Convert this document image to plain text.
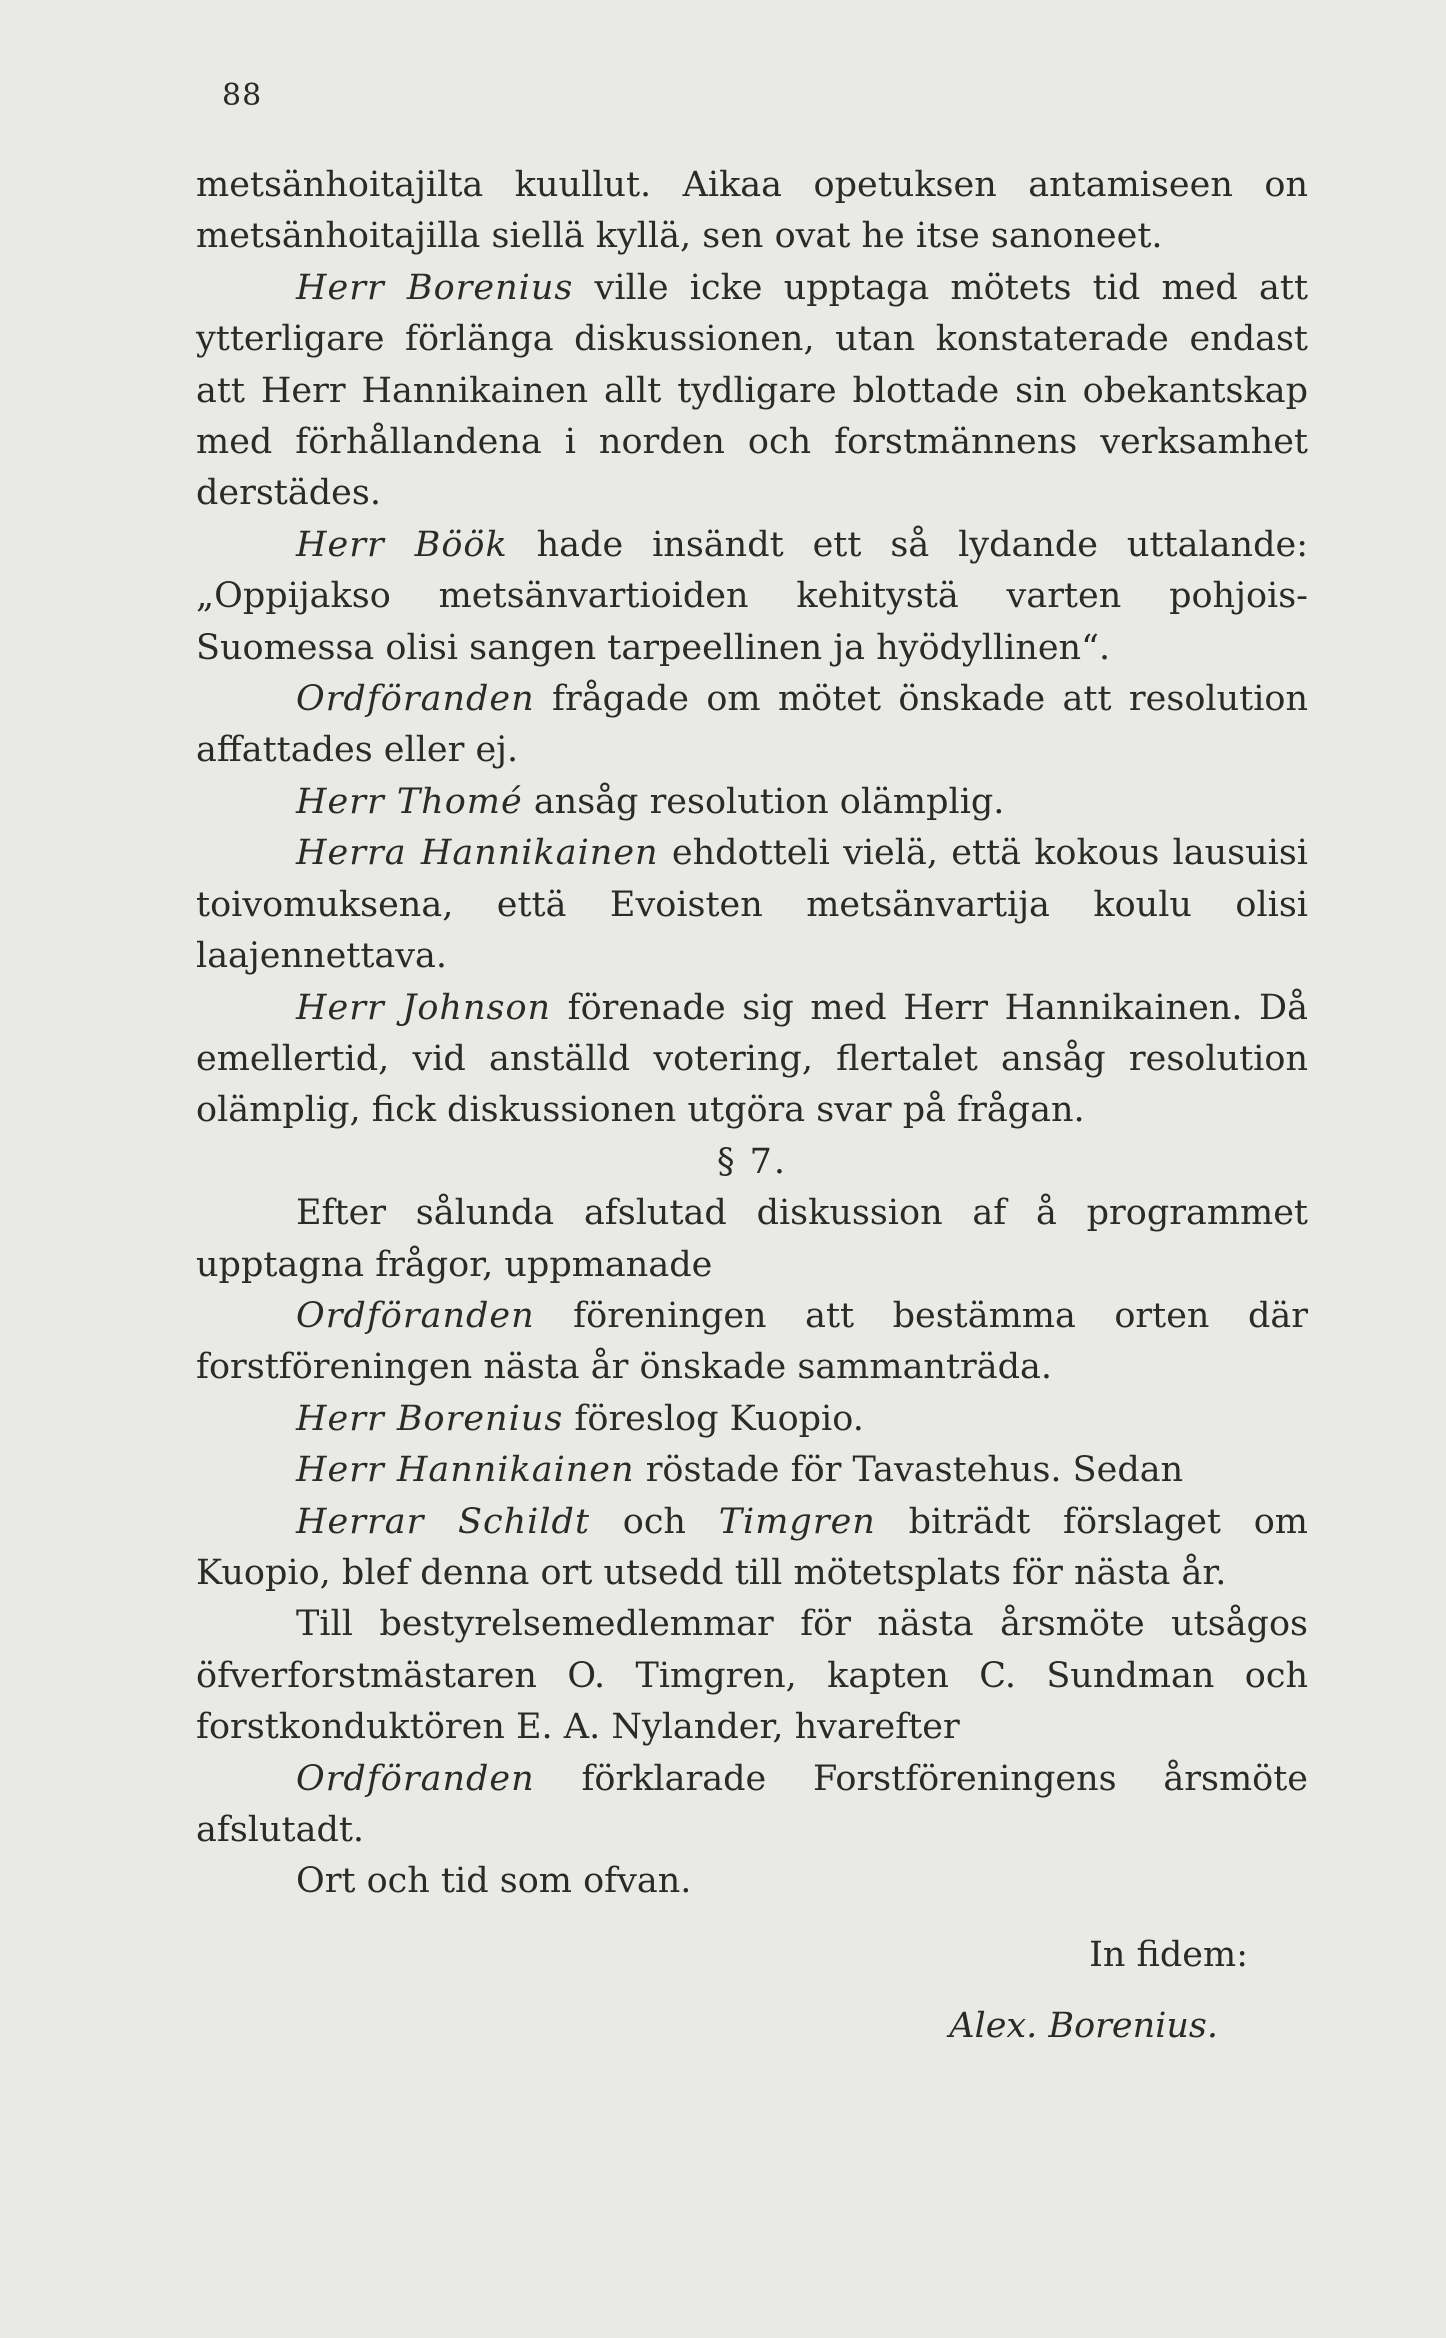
88

metsänhoitajilta kuullut. Aikaa opetuksen antamiseen on metsänhoitajilla siellä kyllä, sen ovat he itse sanoneet.

Herr Borenius ville icke upptaga mötets tid med att ytterligare förlänga diskussionen, utan konstaterade endast att Herr Hannikainen allt tydligare blottade sin obekantskap med förhållandena i norden och forstmännens verksamhet derstädes.

Herr Böök hade insändt ett så lydande uttalande: „Oppijakso metsänvartioiden kehitystä varten pohjois-Suomessa olisi sangen tarpeellinen ja hyödyllinen“.

Ordföranden frågade om mötet önskade att resolution affattades eller ej.

Herr Thomé ansåg resolution olämplig.

Herra Hannikainen ehdotteli vielä, että kokous lausuisi toivomuksena, että Evoisten metsänvartija koulu olisi laajennettava.

Herr Johnson förenade sig med Herr Hannikainen. Då emellertid, vid anställd votering, flertalet ansåg resolution olämplig, fick diskussionen utgöra svar på frågan.

§ 7.

Efter sålunda afslutad diskussion af å programmet upptagna frågor, uppmanade

Ordföranden föreningen att bestämma orten där forstföreningen nästa år önskade sammanträda.

Herr Borenius föreslog Kuopio.

Herr Hannikainen röstade för Tavastehus. Sedan

Herrar Schildt och Timgren biträdt förslaget om Kuopio, blef denna ort utsedd till mötetsplats för nästa år.

Till bestyrelsemedlemmar för nästa årsmöte utsågos öfverforstmästaren O. Timgren, kapten C. Sundman och forstkonduktören E. A. Nylander, hvarefter

Ordföranden förklarade Forstföreningens årsmöte afslutadt.

Ort och tid som ofvan.

In fidem:

Alex. Borenius.
